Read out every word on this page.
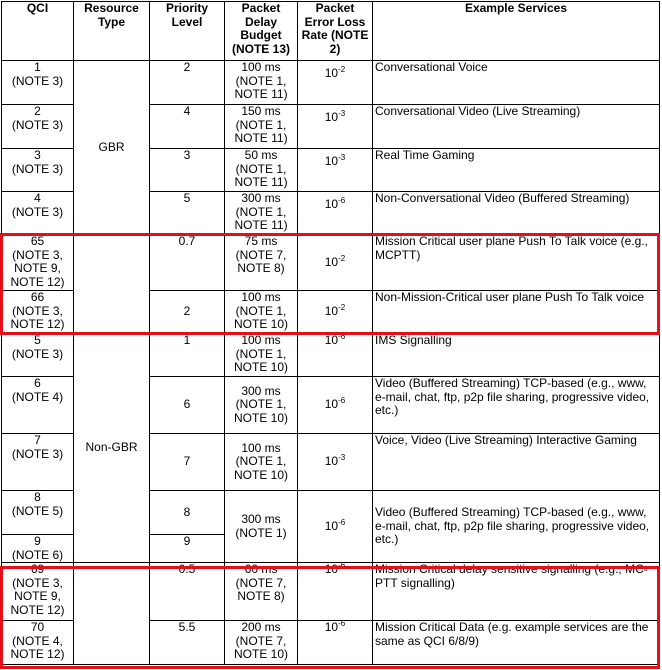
QCI	Resource Type	Priority Level	Packet Delay Budget (NOTE 13)	Packet Error Loss Rate (NOTE 2)	Example Services

1
(NOTE 3)	GBR	2	100 ms (NOTE 1, NOTE 11)	$10^{-2}$	Conversational Voice

2
(NOTE 3)		4	150 ms (NOTE 1, NOTE 11)	$10^{-3}$	Conversational Video (Live Streaming)

3
(NOTE 3)		3	50 ms (NOTE 1, NOTE 11)	$10^{-3}$	Real Time Gaming

4
(NOTE 3)		5	300 ms (NOTE 1, NOTE 11)	$10^{-6}$	Non-Conversational Video (Buffered Streaming)

65
(NOTE 3, NOTE 9, NOTE 12)		0.7	75 ms (NOTE 7, NOTE 8)	$10^{-2}$	Mission Critical user plane Push To Talk voice (e.g., MCPTT)

66
(NOTE 3, NOTE 12)		2	100 ms (NOTE 1, NOTE 10)	$10^{-2}$	Non-Mission-Critical user plane Push To Talk voice

5
(NOTE 3)	Non-GBR	1	100 ms (NOTE 1, NOTE 10)	$10^{-6}$	IMS Signalling

6
(NOTE 4)		6	300 ms (NOTE 1, NOTE 10)	$10^{-6}$	Video (Buffered Streaming) TCP-based (e.g., www, e-mail, chat, ftp, p2p file sharing, progressive video, etc.)

7
(NOTE 3)		7	100 ms (NOTE 1, NOTE 10)	$10^{-3}$	Voice, Video (Live Streaming) Interactive Gaming

8
(NOTE 5)		8	300 ms (NOTE 1)	$10^{-6}$	Video (Buffered Streaming) TCP-based (e.g., www, e-mail, chat, ftp, p2p file sharing, progressive video, etc.)

9
(NOTE 6)		9			

69
(NOTE 3, NOTE 9, NOTE 12)		0.5	60 ms (NOTE 7, NOTE 8)	$10^{-6}$	Mission Critical delay sensitive signalling (e.g., MC-PTT signalling)

70
(NOTE 4, NOTE 12)		5.5	200 ms (NOTE 7, NOTE 10)	$10^{-6}$	Mission Critical Data (e.g. example services are the same as QCI 6/8/9)
